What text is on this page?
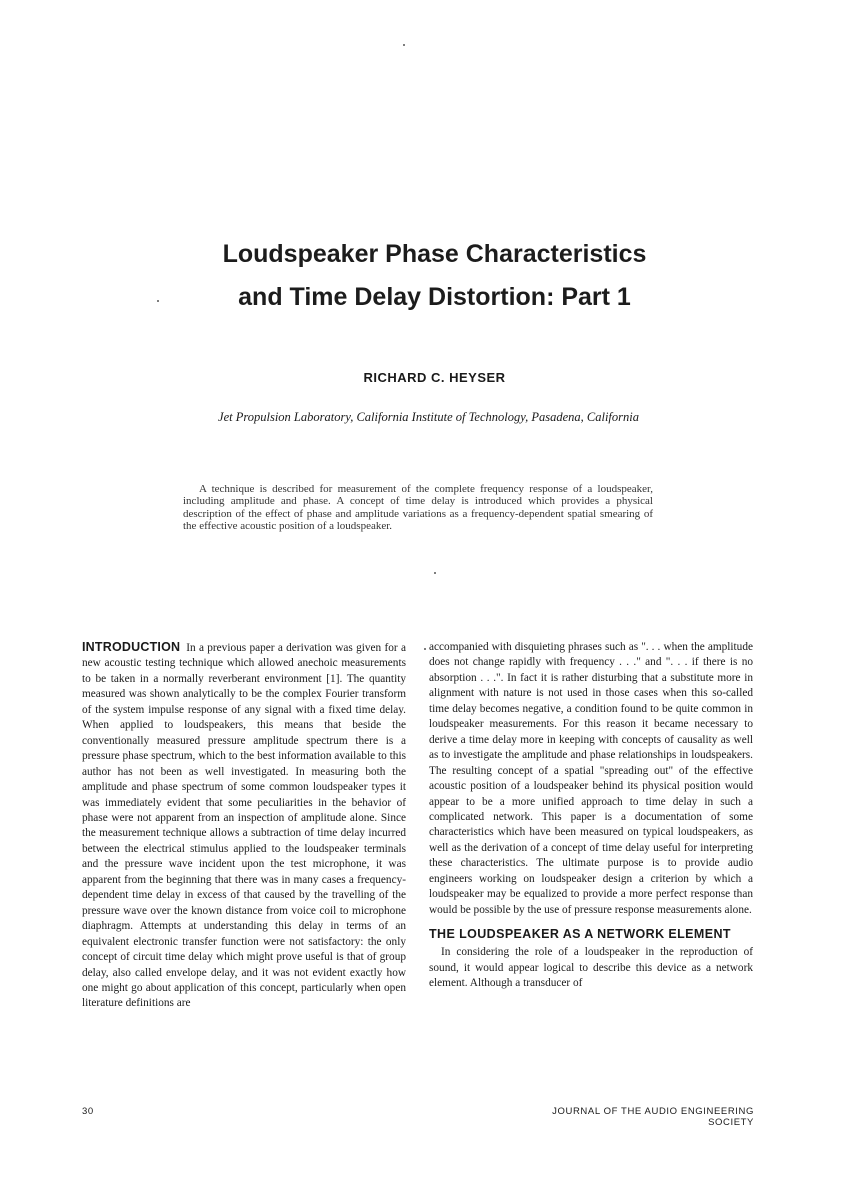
Loudspeaker Phase Characteristics
and Time Delay Distortion: Part 1
RICHARD C. HEYSER
Jet Propulsion Laboratory, California Institute of Technology, Pasadena, California
A technique is described for measurement of the complete frequency response of a loudspeaker, including amplitude and phase. A concept of time delay is introduced which provides a physical description of the effect of phase and amplitude variations as a frequency-dependent spatial smearing of the effective acoustic position of a loudspeaker.

INTRODUCTION In a previous paper a derivation was given for a new acoustic testing technique which allowed anechoic measurements to be taken in a normally reverberant environment [1]. The quantity measured was shown analytically to be the complex Fourier transform of the system impulse response of any signal with a fixed time delay. When applied to loudspeakers, this means that beside the conventionally measured pressure amplitude spectrum there is a pressure phase spectrum, which to the best information available to this author has not been as well investigated. In measuring both the amplitude and phase spectrum of some common loudspeaker types it was immediately evident that some peculiarities in the behavior of phase were not apparent from an inspection of amplitude alone. Since the measurement technique allows a subtraction of time delay incurred between the electrical stimulus applied to the loudspeaker terminals and the pressure wave incident upon the test microphone, it was apparent from the beginning that there was in many cases a frequency-dependent time delay in excess of that caused by the travelling of the pressure wave over the known distance from voice coil to microphone diaphragm. Attempts at understanding this delay in terms of an equivalent electronic transfer function were not satisfactory: the only concept of circuit time delay which might prove useful is that of group delay, also called envelope delay, and it was not evident exactly how one might go about application of this concept, particularly when open literature definitions are

accompanied with disquieting phrases such as ". . . when the amplitude does not change rapidly with frequency . . ." and ". . . if there is no absorption . . .". In fact it is rather disturbing that a substitute more in alignment with nature is not used in those cases when this so-called time delay becomes negative, a condition found to be quite common in loudspeaker measurements. For this reason it became necessary to derive a time delay more in keeping with concepts of causality as well as to investigate the amplitude and phase relationships in loudspeakers. The resulting concept of a spatial "spreading out" of the effective acoustic position of a loudspeaker behind its physical position would appear to be a more unified approach to time delay in such a complicated network. This paper is a documentation of some characteristics which have been measured on typical loudspeakers, as well as the derivation of a concept of time delay useful for interpreting these characteristics. The ultimate purpose is to provide audio engineers working on loudspeaker design a criterion by which a loudspeaker may be equalized to provide a more perfect response than would be possible by the use of pressure response measurements alone.

THE LOUDSPEAKER AS A NETWORK ELEMENT

In considering the role of a loudspeaker in the reproduction of sound, it would appear logical to describe this device as a network element. Although a transducer of

30	JOURNAL OF THE AUDIO ENGINEERING SOCIETY
